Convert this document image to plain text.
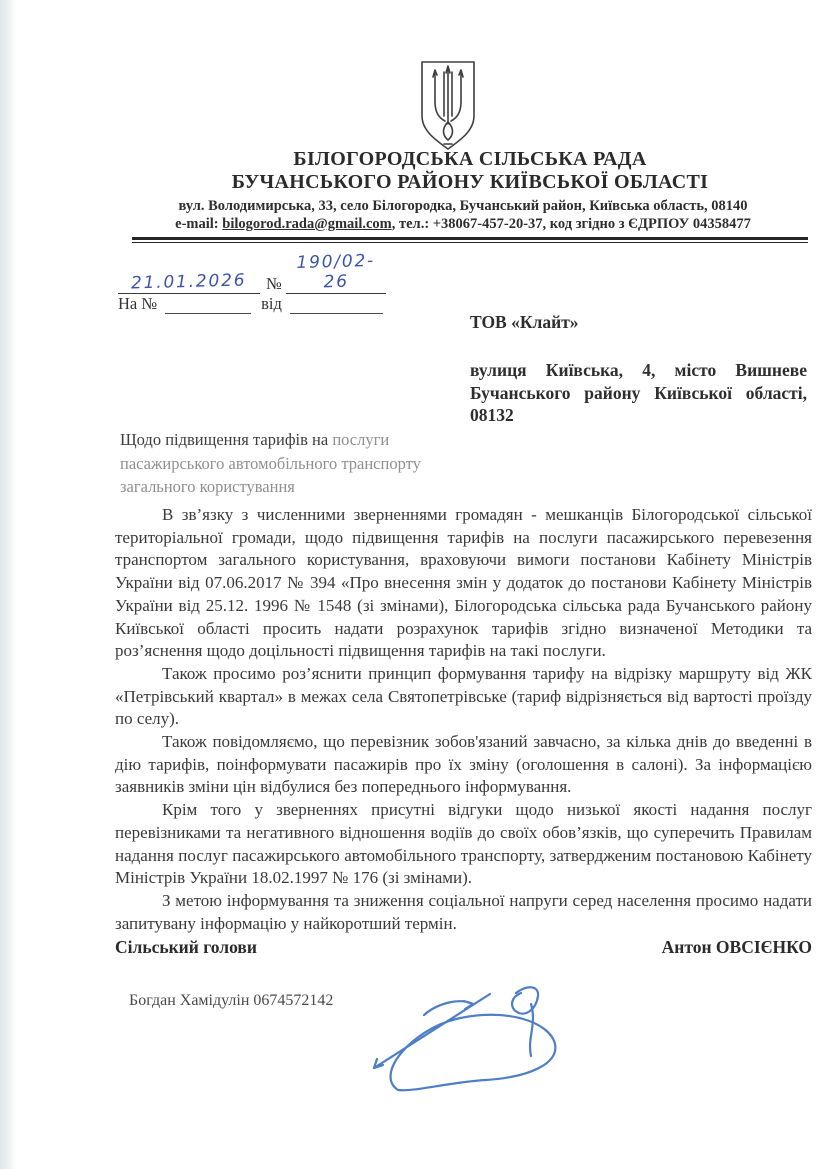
БІЛОГОРОДСЬКА СІЛЬСЬКА РАДА
БУЧАНСЬКОГО РАЙОНУ КИЇВСЬКОЇ ОБЛАСТІ
вул. Володимирська, 33, село Білогородка, Бучанський район, Київська область, 08140
e-mail: bilogorod.rada@gmail.com, тел.: +38067-457-20-37, код згідно з ЄДРПОУ 04358477
21.01.2026 №190/02-26
На №	від
ТОВ «Клайт»
вулиця Київська, 4, місто Вишневе Бучанського району Київської області, 08132
Щодо підвищення тарифів на послуги пасажирського автомобільного транспорту загального користування

В зв’язку з численними зверненнями громадян - мешканців Білогородської сільської територіальної громади, щодо підвищення тарифів на послуги пасажирського перевезення транспортом загального користування, враховуючи вимоги постанови Кабінету Міністрів України від 07.06.2017 № 394 «Про внесення змін у додаток до постанови Кабінету Міністрів України від 25.12. 1996 № 1548 (зі змінами), Білогородська сільська рада Бучанського району Київської області просить надати розрахунок тарифів згідно визначеної Методики та роз’яснення щодо доцільності підвищення тарифів на такі послуги.

Також просимо роз’яснити принцип формування тарифу на відрізку маршруту від ЖК «Петрівський квартал» в межах села Святопетрівське (тариф відрізняється від вартості проїзду по селу).

Також повідомляємо, що перевізник зобов'язаний завчасно, за кілька днів до введенні в дію тарифів, поінформувати пасажирів про їх зміну (оголошення в салоні). За інформацією заявників зміни цін відбулися без попереднього інформування.

Крім того у зверненнях присутні відгуки щодо низької якості надання послуг перевізниками та негативного відношення водіїв до своїх обов’язків, що суперечить Правилам надання послуг пасажирського автомобільного транспорту, затвердженим постановою Кабінету Міністрів України 18.02.1997 № 176 (зі змінами).

З метою інформування та зниження соціальної напруги серед населення просимо надати запитувану інформацію у найкоротший термін.

Сільський голови	Антон ОВСІЄНКО
Богдан Хамідулін 0674572142
